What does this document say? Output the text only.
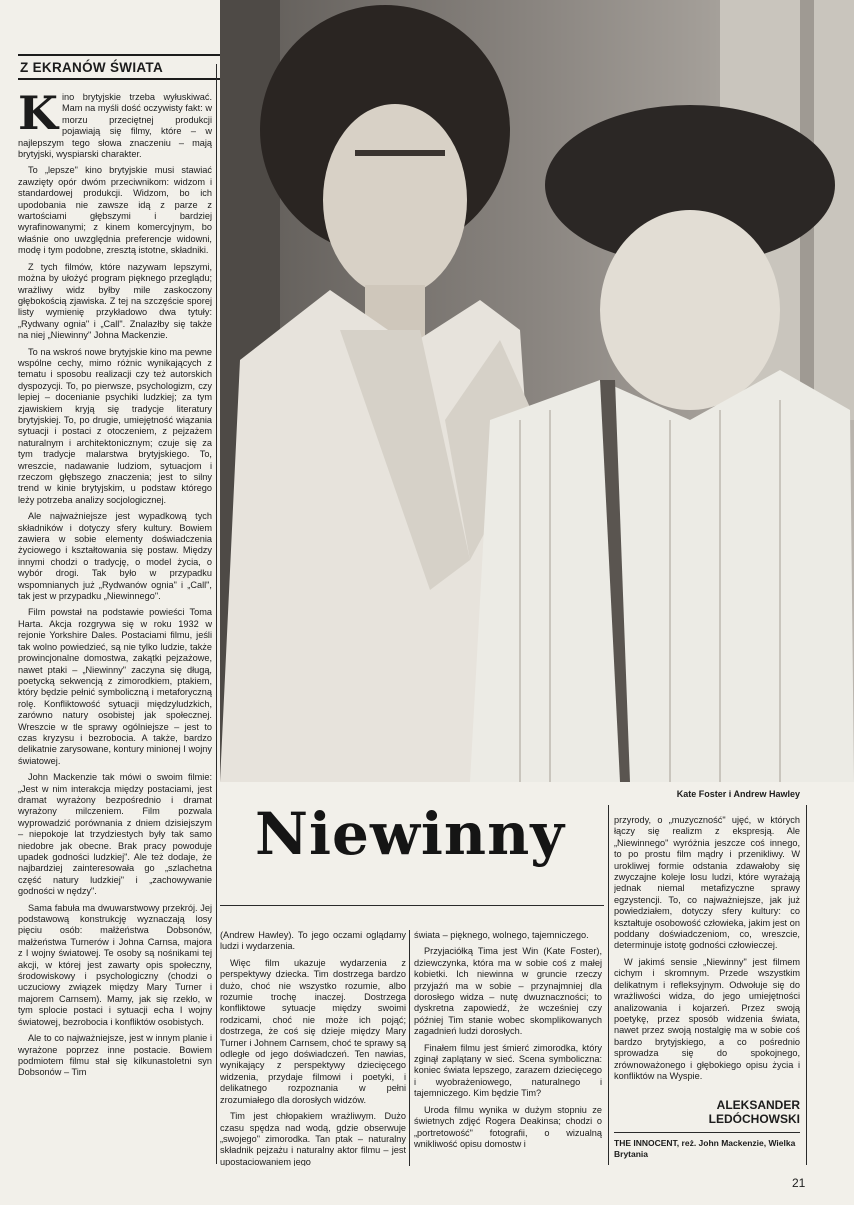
Z EKRANÓW ŚWIATA

Kino brytyjskie trzeba wyłuskiwać. Mam na myśli dość oczywisty fakt: w morzu przeciętnej produkcji pojawiają się filmy, które – w najlepszym tego słowa znaczeniu – mają brytyjski, wyspiarski charakter.

To „lepsze" kino brytyjskie musi stawiać zawzięty opór dwóm przeciwnikom: widzom i standardowej produkcji. Widzom, bo ich upodobania nie zawsze idą z parze z wartościami głębszymi i bardziej wyrafinowanymi; z kinem komercyjnym, bo właśnie ono uwzględnia preferencje widowni, modę i tym podobne, zresztą istotne, składniki.

Z tych filmów, które nazywam lepszymi, można by ułożyć program pięknego przeglądu; wrażliwy widz byłby mile zaskoczony głębokością zjawiska. Z tej na szczęście sporej listy wymienię przykładowo dwa tytuły: „Rydwany ognia" i „Call". Znalazłby się także na niej „Niewinny" Johna Mackenzie.

To na wskroś nowe brytyjskie kino ma pewne wspólne cechy, mimo różnic wynikających z tematu i sposobu realizacji czy też autorskich dyspozycji. To, po pierwsze, psychologizm, czy lepiej – docenianie psychiki ludzkiej; za tym zjawiskiem kryją się tradycje literatury brytyjskiej. To, po drugie, umiejętność wiązania sytuacji i postaci z otoczeniem, z pejzażem naturalnym i architektonicznym; czuje się za tym tradycje malarstwa brytyjskiego. To, wreszcie, nadawanie ludziom, sytuacjom i rzeczom głębszego znaczenia; jest to silny trend w kinie brytyjskim, u podstaw którego leży potrzeba analizy socjologicznej.

Ale najważniejsze jest wypadkową tych składników i dotyczy sfery kultury. Bowiem zawiera w sobie elementy doświadczenia życiowego i kształtowania się postaw. Między innymi chodzi o tradycję, o model życia, o wybór drogi. Tak było w przypadku wspomnianych już „Rydwanów ognia" i „Call", tak jest w przypadku „Niewinnego".

Film powstał na podstawie powieści Toma Harta. Akcja rozgrywa się w roku 1932 w rejonie Yorkshire Dales. Postaciami filmu, jeśli tak wolno powiedzieć, są nie tylko ludzie, także prowincjonalne domostwa, zakątki pejzażowe, nawet ptaki – „Niewinny" zaczyna się długą, poetycką sekwencją z zimorodkiem, ptakiem, który będzie pełnić symboliczną i metaforyczną rolę. Konfliktowość sytuacji międzyludzkich, zarówno natury osobistej jak społecznej. Wreszcie w tle sprawy ogólniejsze – jest to czas kryzysu i bezrobocia. A także, bardzo delikatnie zarysowane, kontury minionej I wojny światowej.

John Mackenzie tak mówi o swoim filmie: „Jest w nim interakcja między postaciami, jest dramat wyrażony bezpośrednio i dramat wyrażony milczeniem. Film pozwala wyprowadzić porównania z dniem dzisiejszym – niepokoje lat trzydziestych były tak samo niedobre jak obecne. Brak pracy powoduje upadek godności ludzkiej". Ale też dodaje, że najbardziej zainteresowała go „szlachetna część natury ludzkiej" i „zachowywanie godności w nędzy".

Sama fabuła ma dwuwarstwowy przekrój. Jej podstawową konstrukcję wyznaczają losy pięciu osób: małżeństwa Dobsonów, małżeństwa Turnerów i Johna Carnsa, majora z I wojny światowej. Te osoby są nośnikami tej akcji, w której jest zawarty opis społeczny, środowiskowy i psychologiczny (chodzi o uczuciowy związek między Mary Turner i majorem Carnsem). Mamy, jak się rzekło, w tym splocie postaci i sytuacji echa I wojny światowej, bezrobocia i konfliktów osobistych.

Ale to co najważniejsze, jest w innym planie i wyrażone poprzez inne postacie. Bowiem podmiotem filmu stał się kilkunastoletni syn Dobsonów – Tim

Kate Foster i Andrew Hawley
Niewinny

(Andrew Hawley). To jego oczami oglądamy ludzi i wydarzenia.

Więc film ukazuje wydarzenia z perspektywy dziecka. Tim dostrzega bardzo dużo, choć nie wszystko rozumie, albo rozumie trochę inaczej. Dostrzega konfliktowe sytuacje między swoimi rodzicami, choć nie może ich pojąć; dostrzega, że coś się dzieje między Mary Turner i Johnem Carnsem, choć te sprawy są odległe od jego doświadczeń. Ten nawias, wynikający z perspektywy dziecięcego widzenia, przydaje filmowi i poetyki, i delikatnego rozpoznania w pełni zrozumiałego dla dorosłych widzów.

Tim jest chłopakiem wrażliwym. Dużo czasu spędza nad wodą, gdzie obserwuje „swojego" zimorodka. Tan ptak – naturalny składnik pejzażu i naturalny aktor filmu – jest upostaciowaniem jego

świata – pięknego, wolnego, tajemniczego.

Przyjaciółką Tima jest Win (Kate Foster), dziewczynka, która ma w sobie coś z małej kobietki. Ich niewinna w gruncie rzeczy przyjaźń ma w sobie – przynajmniej dla dorosłego widza – nutę dwuznaczności; to dyskretna zapowiedź, że wcześniej czy później Tim stanie wobec skomplikowanych zagadnień ludzi dorosłych.

Finałem filmu jest śmierć zimorodka, który zginął zaplątany w sieć. Scena symboliczna: koniec świata lepszego, zarazem dziecięcego i wyobrażeniowego, naturalnego i tajemniczego. Kim będzie Tim?

Uroda filmu wynika w dużym stopniu ze świetnych zdjęć Rogera Deakinsa; chodzi o „portretowość" fotografii, o wizualną wnikliwość opisu domostw i

przyrody, o „muzyczność" ujęć, w których łączy się realizm z ekspresją. Ale „Niewinnego" wyróżnia jeszcze coś innego, to po prostu film mądry i przenikliwy. W urokliwej formie odstania zdawałoby się zwyczajne koleje losu ludzi, które wyrażają jednak niemal metafizyczne sprawy egzystencji. To, co najważniejsze, jak już powiedziałem, dotyczy sfery kultury: co kształtuje osobowość człowieka, jakim jest on poddany doświadczeniom, co, wreszcie, determinuje istotę godności człowieczej.

W jakimś sensie „Niewinny" jest filmem cichym i skromnym. Przede wszystkim delikatnym i refleksyjnym. Odwołuje się do wrażliwości widza, do jego umiejętności analizowania i kojarzeń. Przez swoją poetykę, przez sposób widzenia świata, nawet przez swoją nostalgię ma w sobie coś bardzo brytyjskiego, a co pośrednio sprowadza się do spokojnego, zrównoważonego i głębokiego opisu życia i konfliktów na Wyspie.

ALEKSANDER
LEDÓCHOWSKI
THE INNOCENT, reż. John Mackenzie, Wielka Brytania
21
